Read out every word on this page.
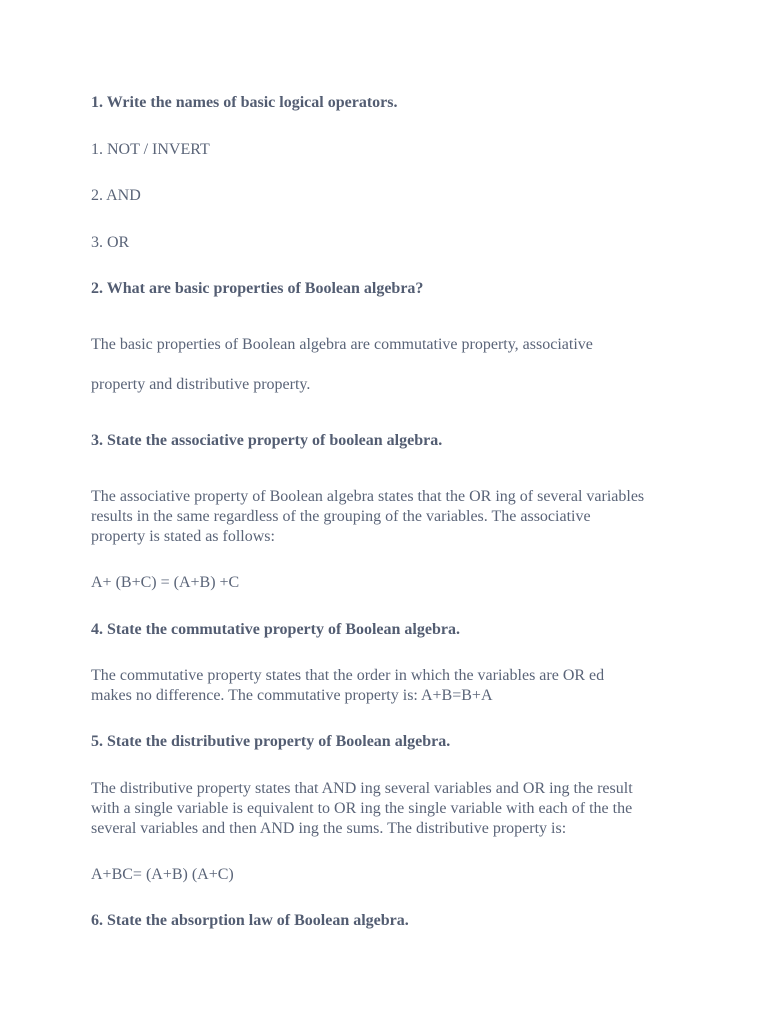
1. Write the names of basic logical operators.
1. NOT / INVERT
2. AND
3. OR
2. What are basic properties of Boolean algebra?
The basic properties of Boolean algebra are commutative property, associative
property and distributive property.
3. State the associative property of boolean algebra.
The associative property of Boolean algebra states that the OR ing of several variables
results in the same regardless of the grouping of the variables. The associative
property is stated as follows:
A+ (B+C) = (A+B) +C
4. State the commutative property of Boolean algebra.
The commutative property states that the order in which the variables are OR ed
makes no difference. The commutative property is: A+B=B+A
5. State the distributive property of Boolean algebra.
The distributive property states that AND ing several variables and OR ing the result
with a single variable is equivalent to OR ing the single variable with each of the the
several variables and then AND ing the sums. The distributive property is:
A+BC= (A+B) (A+C)
6. State the absorption law of Boolean algebra.
